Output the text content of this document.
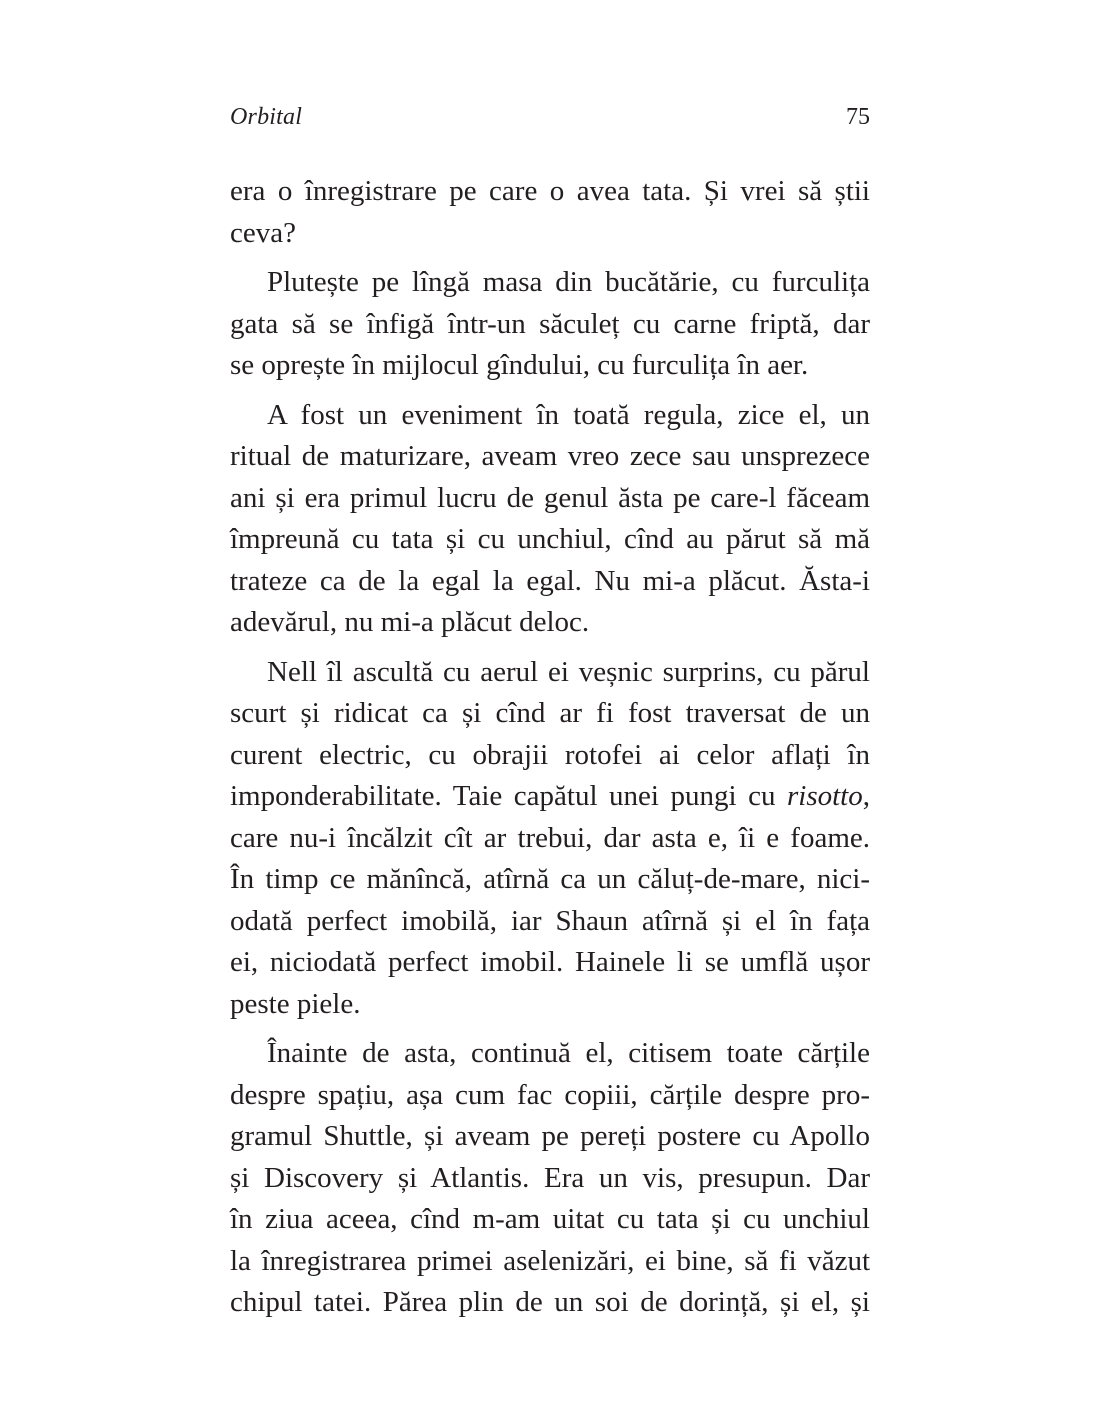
Orbital	75
era o înregistrare pe care o avea tata. Și vrei să știi
ceva?
Plutește pe lîngă masa din bucătărie, cu furculița
gata să se înfigă într-un săculeț cu carne friptă, dar
se oprește în mijlocul gîndului, cu furculița în aer.
A fost un eveniment în toată regula, zice el, un
ritual de maturizare, aveam vreo zece sau unsprezece
ani și era primul lucru de genul ăsta pe care-l făceam
împreună cu tata și cu unchiul, cînd au părut să mă
trateze ca de la egal la egal. Nu mi-a plăcut. Ăsta-i
adevărul, nu mi-a plăcut deloc.
Nell îl ascultă cu aerul ei veșnic surprins, cu părul
scurt și ridicat ca și cînd ar fi fost traversat de un
curent electric, cu obrajii rotofei ai celor aflați în
imponderabilitate. Taie capătul unei pungi cu risotto,
care nu-i încălzit cît ar trebui, dar asta e, îi e foame.
În timp ce mănîncă, atîrnă ca un căluț-de-mare, nici-
odată perfect imobilă, iar Shaun atîrnă și el în fața
ei, niciodată perfect imobil. Hainele li se umflă ușor
peste piele.
Înainte de asta, continuă el, citisem toate cărțile
despre spațiu, așa cum fac copiii, cărțile despre pro-
gramul Shuttle, și aveam pe pereți postere cu Apollo
și Discovery și Atlantis. Era un vis, presupun. Dar
în ziua aceea, cînd m-am uitat cu tata și cu unchiul
la înregistrarea primei aselenizări, ei bine, să fi văzut
chipul tatei. Părea plin de un soi de dorință, și el, și
